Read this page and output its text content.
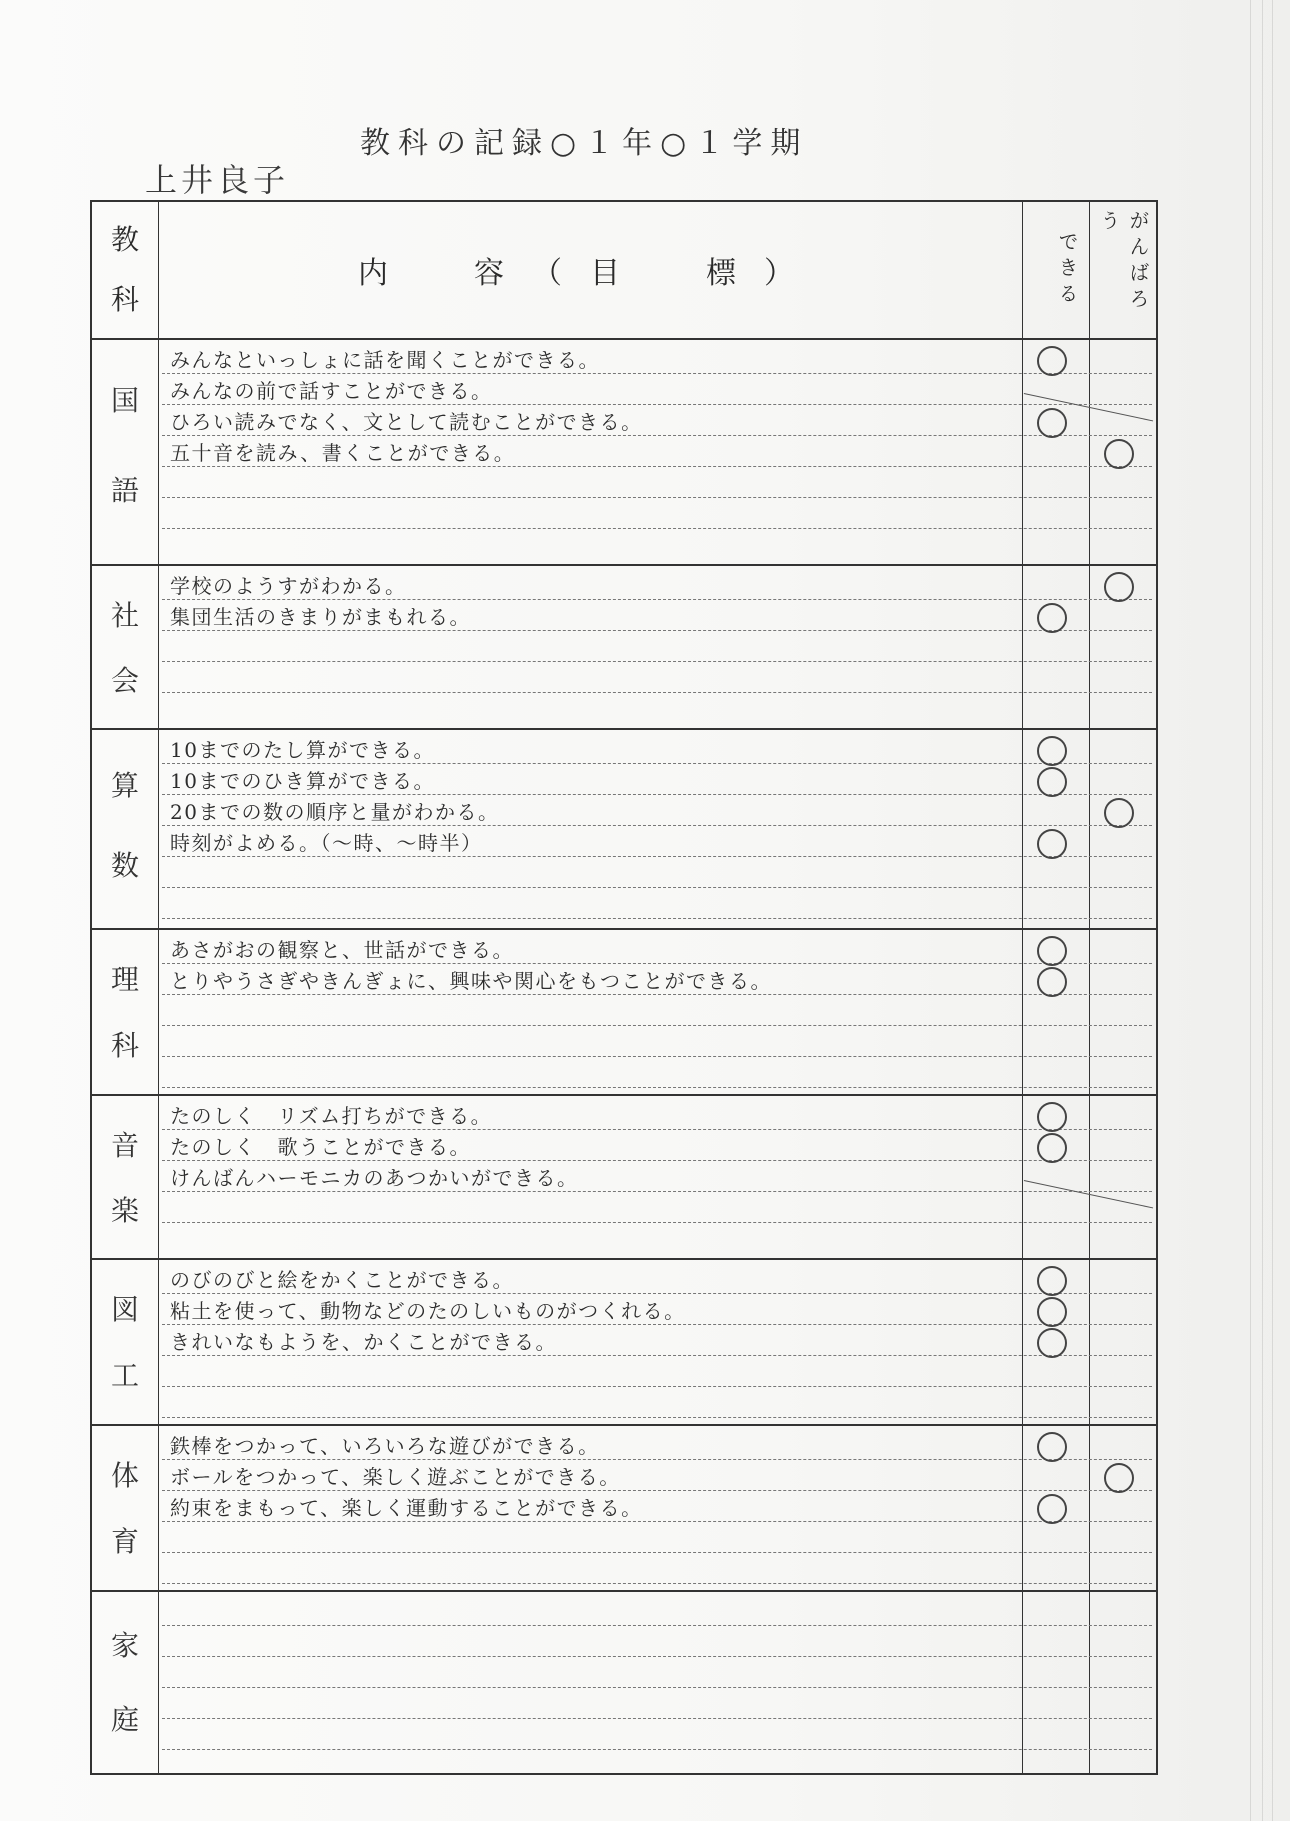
教科の記録○１年○１学期
上井良子
教
科
内　容（目　標）	できる	がんばろう
国
語
みんなといっしょに話を聞くことができる。
みんなの前で話すことができる。
ひろい読みでなく、文として読むことができる。
五十音を読み、書くことができる。
社
会
学校のようすがわかる。
集団生活のきまりがまもれる。
算
数
10までのたし算ができる。
10までのひき算ができる。
20までの数の順序と量がわかる。
時刻がよめる。（～時、～時半）
理
科
あさがおの観察と、世話ができる。
とりやうさぎやきんぎょに、興味や関心をもつことができる。
音
楽
たのしく　リズム打ちができる。
たのしく　歌うことができる。
けんばんハーモニカのあつかいができる。
図
工
のびのびと絵をかくことができる。
粘土を使って、動物などのたのしいものがつくれる。
きれいなもようを、かくことができる。
体
育
鉄棒をつかって、いろいろな遊びができる。
ボールをつかって、楽しく遊ぶことができる。
約束をまもって、楽しく運動することができる。
家
庭
